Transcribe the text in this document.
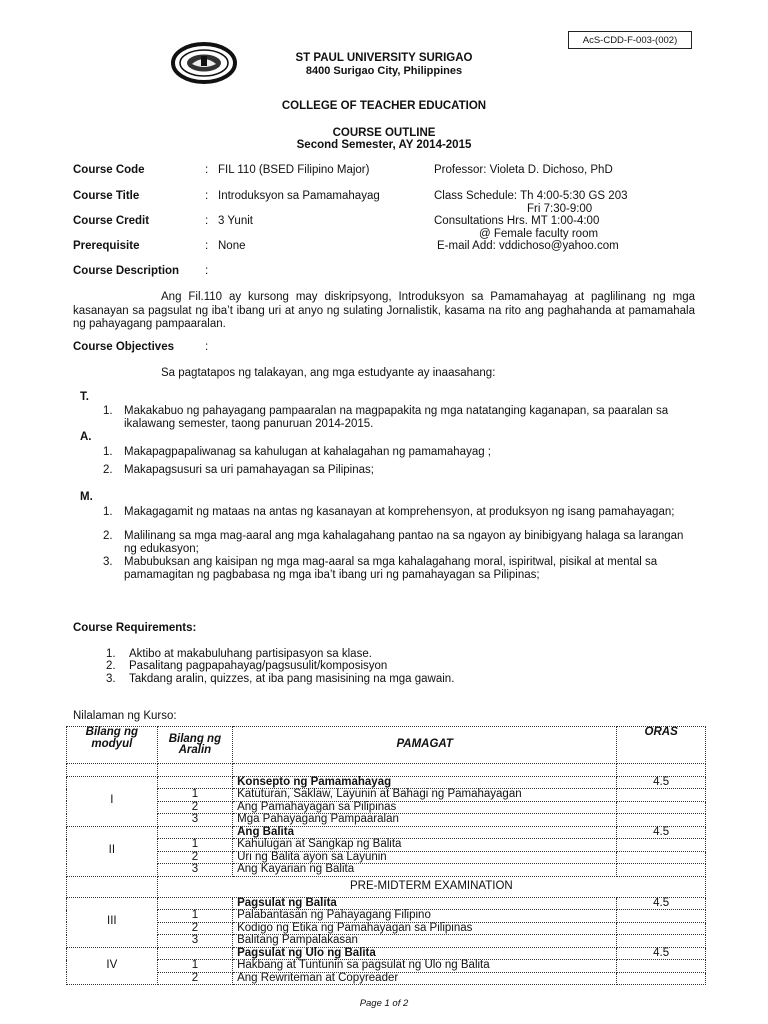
AcS-CDD-F-003-(002)
ST PAUL UNIVERSITY SURIGAO
8400 Surigao City, Philippines
COLLEGE OF TEACHER EDUCATION
COURSE OUTLINE
Second Semester, AY 2014-2015
Course Code	: FIL 110 (BSED Filipino Major)	Professor: Violeta D. Dichoso, PhD
Course Title	: Introduksyon sa Pamamahayag	Class Schedule: Th 4:00-5:30 GS 203
Fri 7:30-9:00
Course Credit	: 3 Yunit	Consultations Hrs. MT 1:00-4:00
@ Female faculty room
Prerequisite	: None	E-mail Add: vddichoso@yahoo.com
Course Description :
Ang Fil.110 ay kursong may diskripsyong, Introduksyon sa Pamamahayag at paglilinang ng mga kasanayan sa pagsulat ng iba’t ibang uri at anyo ng sulating Jornalistik, kasama na rito ang paghahanda at pamamahala ng pahayagang pampaaralan.
Course Objectives	:
Sa pagtatapos ng talakayan, ang mga estudyante ay inaasahang:
T.
1. Makakabuo ng pahayagang pampaaralan na magpapakita ng mga natatanging kaganapan, sa paaralan sa ikalawang semester, taong panuruan 2014-2015.
A.
1. Makapagpapaliwanag sa kahulugan at kahalagahan ng pamamahayag ;
2. Makapagsusuri sa uri pamahayagan sa Pilipinas;
M.
1. Makagagamit ng mataas na antas ng kasanayan at komprehensyon, at produksyon ng isang pamahayagan;
2. Malilinang sa mga mag-aaral ang mga kahalagahang pantao na sa ngayon ay binibigyang halaga sa larangan ng edukasyon;
3. Mabubuksan ang kaisipan ng mga mag-aaral sa mga kahalagahang moral, ispiritwal, pisikal at mental sa pamamagitan ng pagbabasa ng mga iba’t ibang uri ng pamahayagan sa Pilipinas;
Course Requirements:
1. Aktibo at makabuluhang partisipasyon sa klase.
2. Pasalitang pagpapahayag/pagsusulit/komposisyon
3. Takdang aralin, quizzes, at iba pang masisining na mga gawain.
Nilalaman ng Kurso:
Bilang ng modyul	Bilang ng Aralin	PAMAGAT	ORAS

I		Konsepto ng Pamamahayag	4.5
	1	Katuturan, Saklaw, Layunin at Bahagi ng Pamahayagan	
	2	Ang Pamahayagan sa Pilipinas	
	3	Mga Pahayagang Pampaaralan	
II		Ang Balita	4.5
	1	Kahulugan at Sangkap ng Balita	
	2	Uri ng Balita ayon sa Layunin	
	3	Ang Kayarian ng Balita	
	PRE-MIDTERM EXAMINATION		
III		Pagsulat ng Balita	4.5
	1	Palabantasan ng Pahayagang Filipino	
	2	Kodigo ng Etika ng Pamahayagan sa Pilipinas	
	3	Balitang Pampalakasan	
IV		Pagsulat ng Ulo ng Balita	4.5
	1	Hakbang at Tuntunin sa pagsulat ng Ulo ng Balita	
	2	Ang Rewriteman at Copyreader	
Page 1 of 2
